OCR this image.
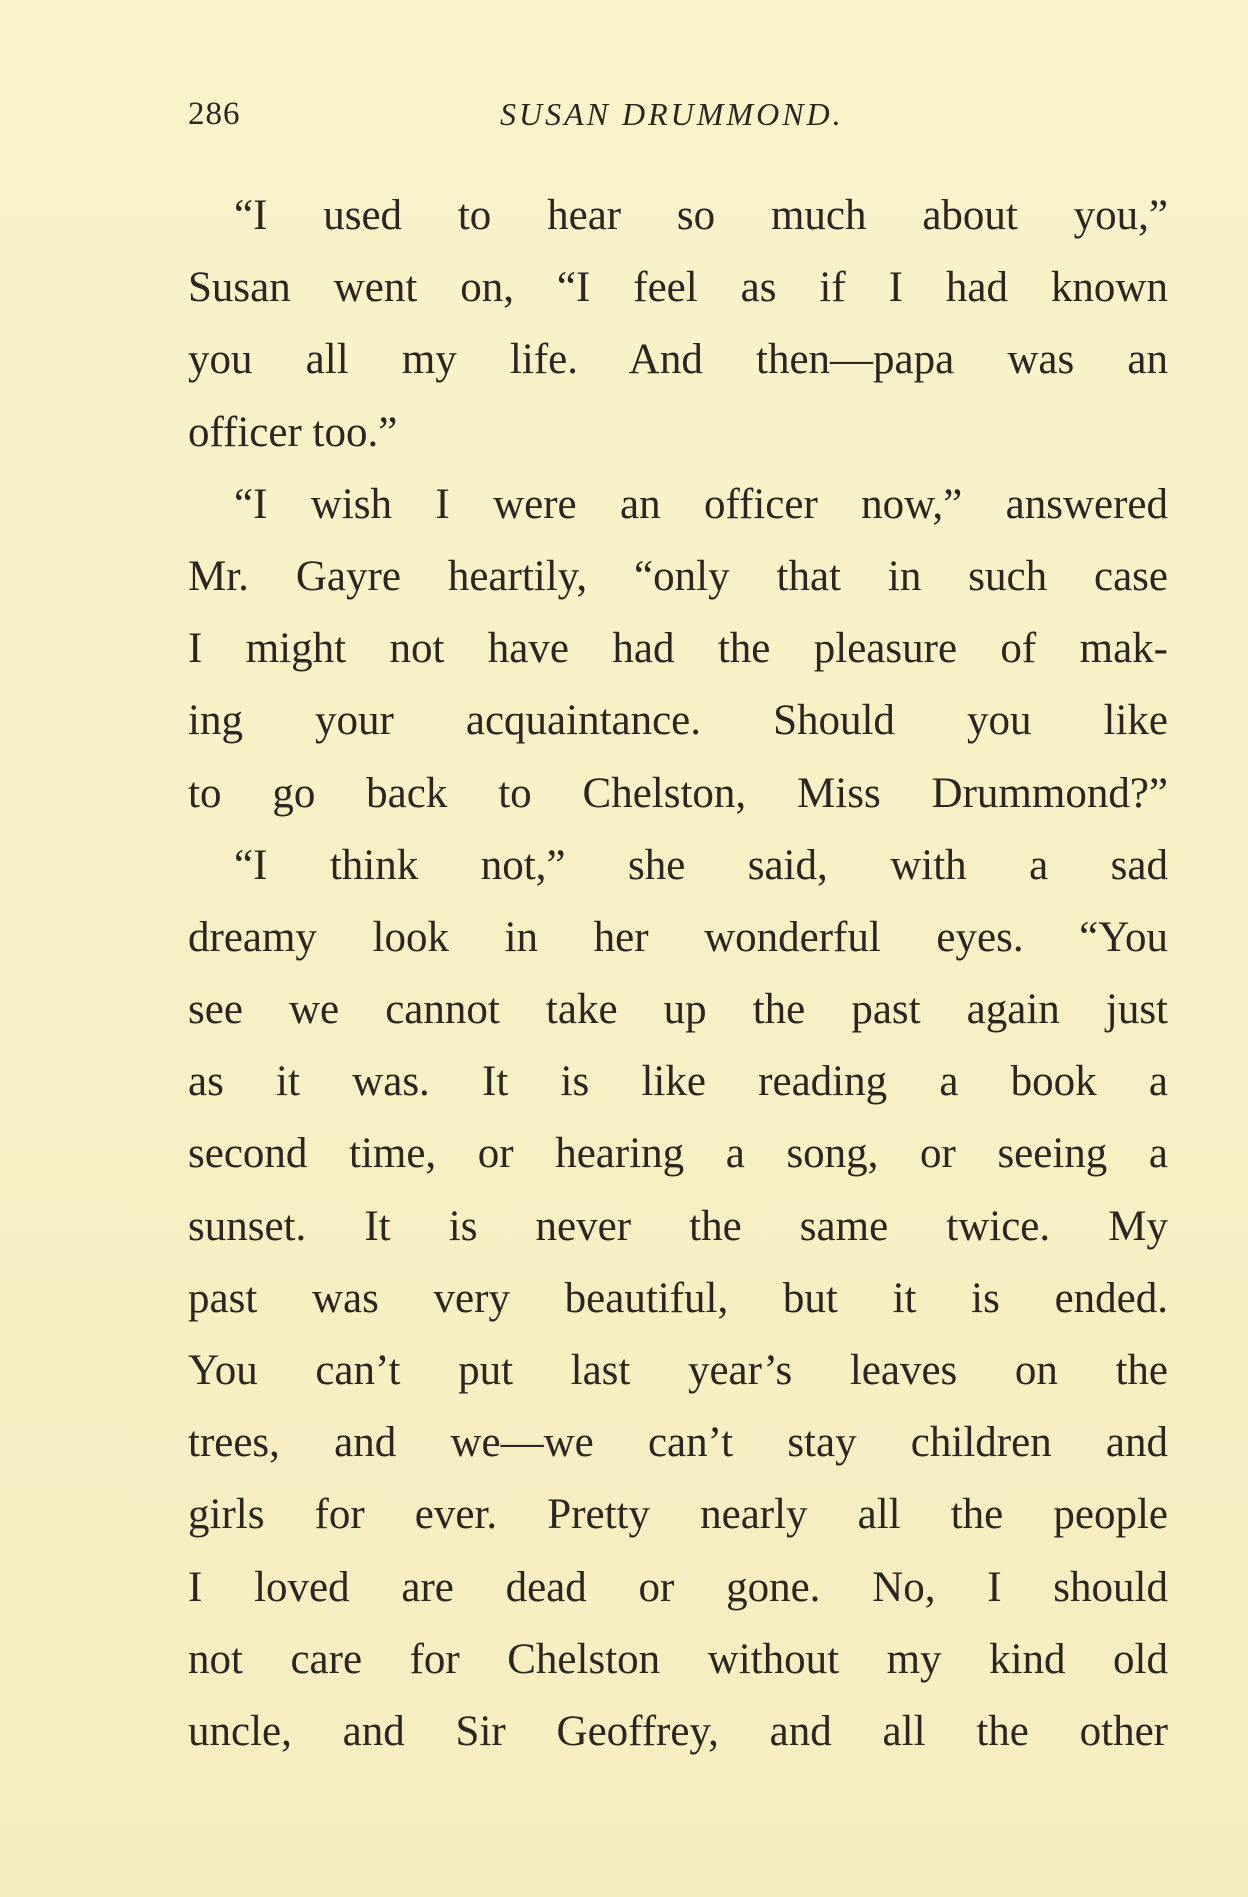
286	SUSAN DRUMMOND.
“I used to hear so much about you,”
Susan went on, “I feel as if I had known
you all my life. And then—papa was an
officer too.”
“I wish I were an officer now,” answered
Mr. Gayre heartily, “only that in such case
I might not have had the pleasure of mak-
ing your acquaintance. Should you like
to go back to Chelston, Miss Drummond?”
“I think not,” she said, with a sad
dreamy look in her wonderful eyes. “You
see we cannot take up the past again just
as it was. It is like reading a book a
second time, or hearing a song, or seeing a
sunset. It is never the same twice. My
past was very beautiful, but it is ended.
You can’t put last year’s leaves on the
trees, and we—we can’t stay children and
girls for ever. Pretty nearly all the people
I loved are dead or gone. No, I should
not care for Chelston without my kind old
uncle, and Sir Geoffrey, and all the other
